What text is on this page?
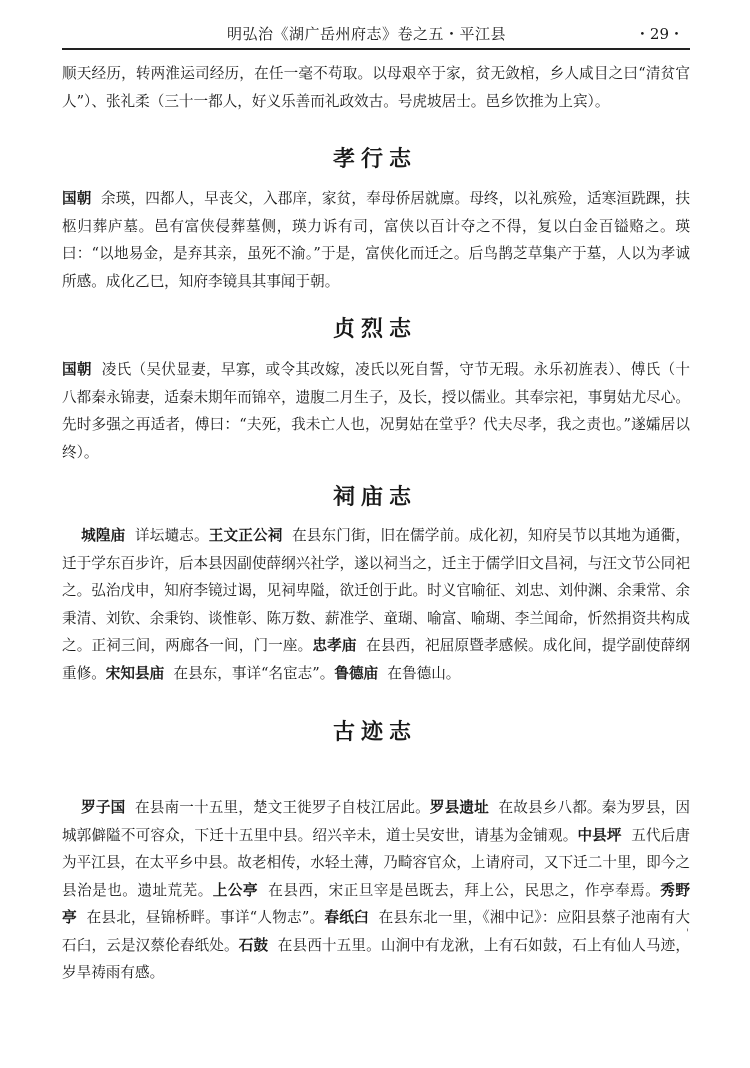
明弘治《湖广岳州府志》卷之五・平江县	・29・

顺天经历，转两淮运司经历，在任一毫不苟取。以母艰卒于家，贫无敛棺，乡人咸目之曰“清贫官人”）、张礼柔（三十一都人，好义乐善而礼政效古。号虎坡居士。邑乡饮推为上宾）。

孝行志

国朝 余瑛，四都人，早丧父，入郡庠，家贫，奉母侨居就廪。母终，以礼殡殓，适寒洹跣踝，扶柩归葬庐墓。邑有富侠侵葬墓侧，瑛力诉有司，富侠以百计夺之不得，复以白金百镒赂之。瑛曰：“以地易金，是弃其亲，虽死不渝。”于是，富侠化而迁之。后鸟鹊芝草集产于墓，人以为孝诚所感。成化乙巳，知府李镜具其事闻于朝。

贞烈志

国朝 凌氏（吴伏显妻，早寡，或令其改嫁，凌氏以死自誓，守节无瑕。永乐初旌表）、傅氏（十八都秦永锦妻，适秦未期年而锦卒，遗腹二月生子，及长，授以儒业。其奉宗祀，事舅姑尤尽心。先时多强之再适者，傅曰：“夫死，我未亡人也，况舅姑在堂乎？代夫尽孝，我之责也。”遂孀居以终）。

祠庙志

城隍庙 详坛壝志。王文正公祠 在县东门街，旧在儒学前。成化初，知府吴节以其地为通衢，迁于学东百步许，后本县因副使薛纲兴社学，遂以祠当之，迁主于儒学旧文昌祠，与汪文节公同祀之。弘治戊申，知府李镜过谒，见祠卑隘，欲迁创于此。时义官喻征、刘忠、刘仲渊、余秉常、余秉清、刘钦、余秉钧、谈惟彰、陈万数、薪准学、童瑚、喻富、喻瑚、李兰闻命，忻然捐资共构成之。正祠三间，两廊各一间，门一座。忠孝庙 在县西，祀屈原暨孝感候。成化间，提学副使薛纲重修。宋知县庙 在县东，事详“名宦志”。鲁德庙 在鲁德山。

古迹志

罗子国 在县南一十五里，楚文王徙罗子自枝江居此。罗县遗址 在故县乡八都。秦为罗县，因城郭僻隘不可容众，下迁十五里中县。绍兴辛未，道士吴安世，请基为金铺观。中县坪 五代后唐为平江县，在太平乡中县。故老相传，水轻土薄，乃畸容官众，上请府司，又下迁二十里，即今之县治是也。遗址荒芜。上公亭 在县西，宋正旦宰是邑既去，拜上公，民思之，作亭奉焉。秀野亭 在县北，昼锦桥畔。事详“人物志”。春纸臼 在县东北一里，《湘中记》：应阳县蔡子池南有大石臼，云是汉蔡伦舂纸处。石鼓 在县西十五里。山涧中有龙湫，上有石如鼓，石上有仙人马迹，岁旱祷雨有感。

'
